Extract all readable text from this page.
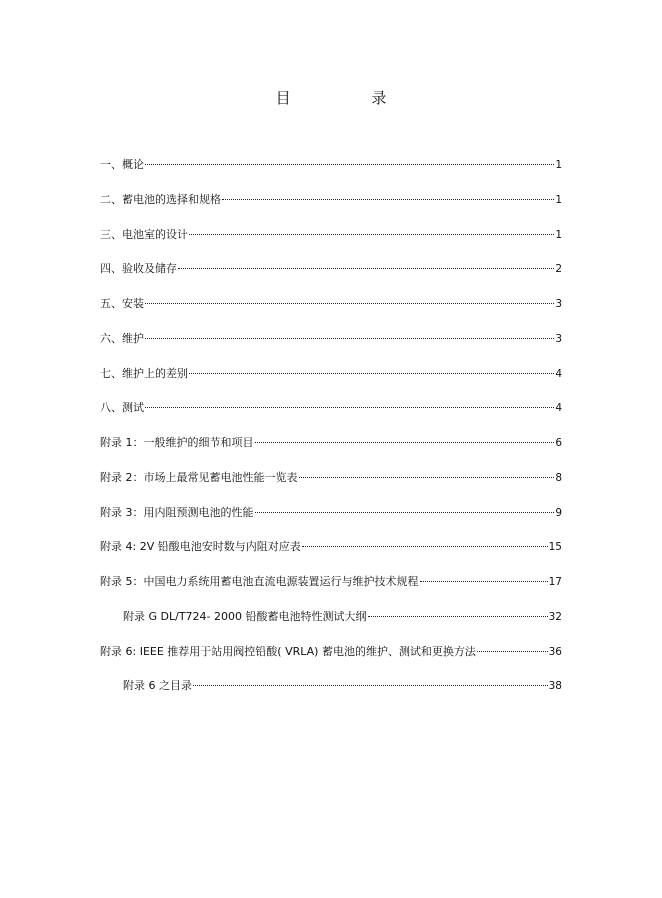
目 录
一、概论	1
二、蓄电池的选择和规格	1
三、电池室的设计	1
四、验收及储存	2
五、安装	3
六、维护	3
七、维护上的差别	4
八、测试	4
附录 1：一般维护的细节和项目	6
附录 2：市场上最常见蓄电池性能一览表	8
附录 3：用内阻预测电池的性能	9
附录 4: 2V 铅酸电池安时数与内阻对应表	15
附录 5：中国电力系统用蓄电池直流电源装置运行与维护技术规程	17
附录 G DL/T724- 2000 铅酸蓄电池特性测试大纲	32
附录 6: IEEE 推荐用于站用阀控铅酸( VRLA) 蓄电池的维护、测试和更换方法	36
附录 6 之目录	38
